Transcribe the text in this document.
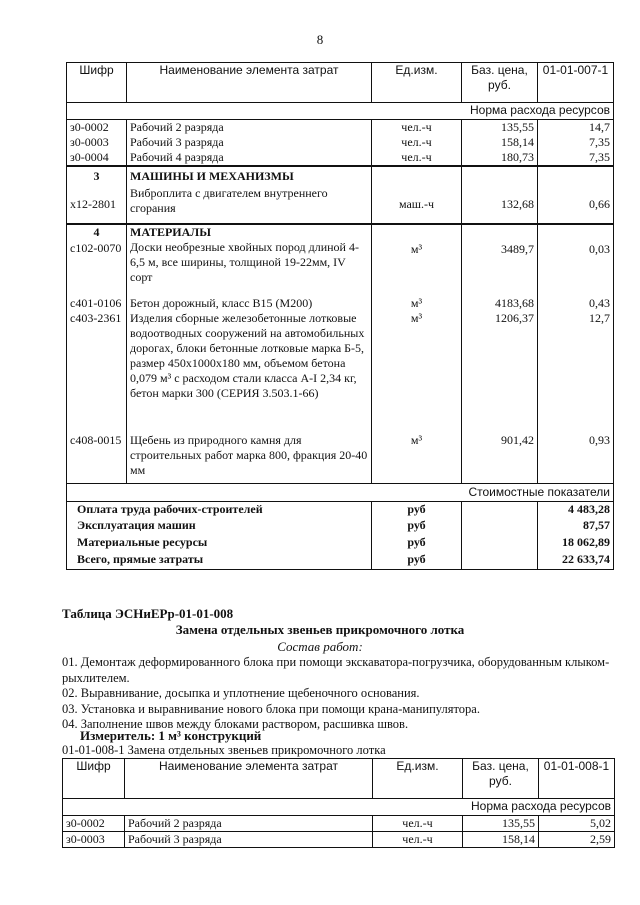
8
Шифр	Наименование элемента затрат	Ед.изм.	Баз. цена, руб.	01-01-007-1
Норма расхода ресурсов				
з0-0002	Рабочий 2 разряда	чел.-ч	135,55	14,7
з0-0003	Рабочий 3 разряда	чел.-ч	158,14	7,35
з0-0004	Рабочий 4 разряда	чел.-ч	180,73	7,35
3	МАШИНЫ И МЕХАНИЗМЫ			
х12-2801	Виброплита с двигателем внутреннего сгорания	маш.-ч	132,68	0,66
4	МАТЕРИАЛЫ			
с102-0070	Доски необрезные хвойных пород длиной 4-6,5 м, все ширины, толщиной 19-22мм, IV сорт	м³	3489,7	0,03
с401-0106	Бетон дорожный, класс B15 (M200)	м³	4183,68	0,43
с403-2361	Изделия сборные железобетонные лотковые водоотводных сооружений на автомобильных дорогах, блоки бетонные лотковые марка Б-5, размер 450x1000x180 мм, объемом бетона 0,079 м³ с расходом стали класса А-I 2,34 кг, бетон марки 300 (СЕРИЯ 3.503.1-66)	м³	1206,37	12,7
с408-0015	Щебень из природного камня для строительных работ марка 800, фракция 20-40 мм	м³	901,42	0,93
Стоимостные показатели				
Оплата труда рабочих-строителей		руб		4 483,28
Эксплуатация машин		руб		87,57
Материальные ресурсы		руб		18 062,89
Всего, прямые затраты		руб		22 633,74
Таблица ЭСНиЕРр-01-01-008
Замена отдельных звеньев прикромочного лотка
Состав работ:
01. Демонтаж деформированного блока при помощи экскаватора-погрузчика, оборудованным клыком-рыхлителем.
02. Выравнивание, досыпка и уплотнение щебеночного основания.
03. Установка и выравнивание нового блока при помощи крана-манипулятора.
04. Заполнение швов между блоками раствором, расшивка швов.
Измеритель: 1 м³ конструкций
01-01-008-1 Замена отдельных звеньев прикромочного лотка
Шифр	Наименование элемента затрат	Ед.изм.	Баз. цена, руб.	01-01-008-1
Норма расхода ресурсов				
з0-0002	Рабочий 2 разряда	чел.-ч	135,55	5,02
з0-0003	Рабочий 3 разряда	чел.-ч	158,14	2,59
